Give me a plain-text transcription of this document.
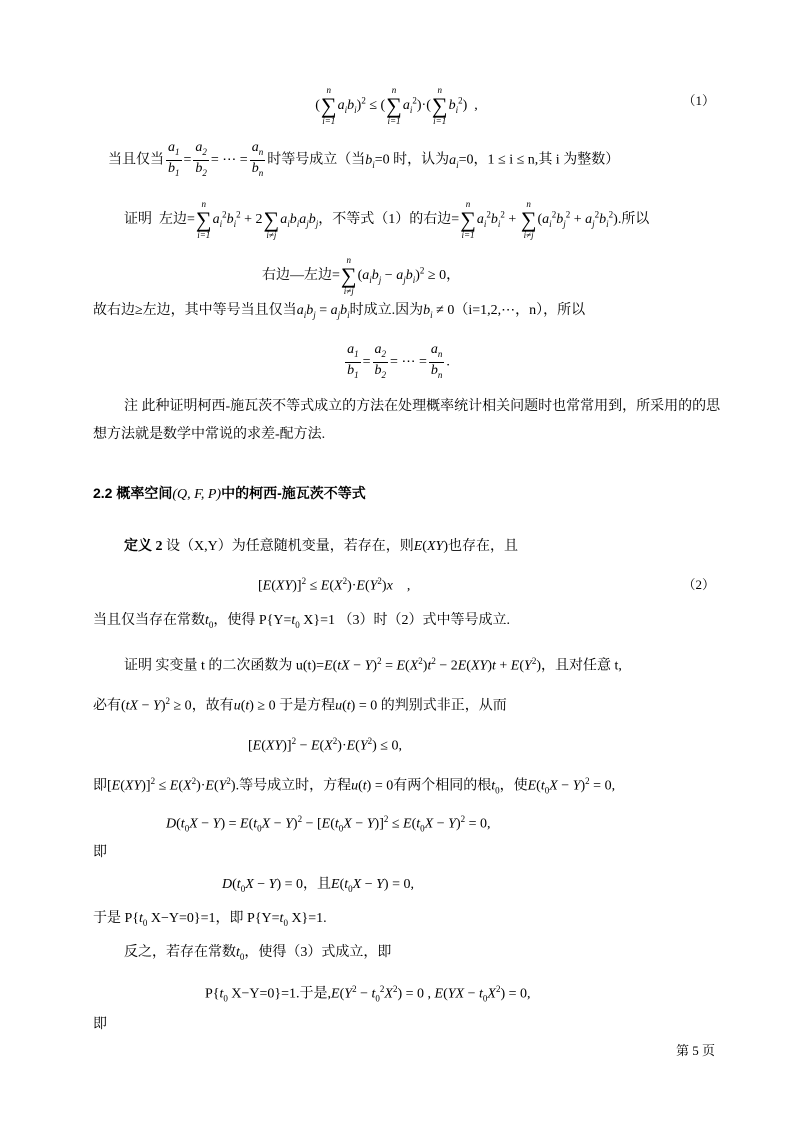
(
n
∑
i=1
$a_ib_i)^2$ ≤ (
n
∑
i=1
$a_i^2)\cdot$(
n
∑
i=1
$b_i^2$)  ,	（1）
当且仅当 $\frac{a_1}{b_1} = \frac{a_2}{b_2}$ = ⋯ = $\frac{a_n}{b_n}$ 时等号成立（当$b_i=0$ 时，认为$a_i=0$，1 ≤ i ≤ n,其 i 为整数）
证明 左边=
n
∑
i=1
$a_i^2b_i^2 + 2$
∑
i≠j
$a_ib_ia_jb_j$，不等式（1）的右边=
n
∑
i=1
$a_i^2b_i^2$ +
n
∑
i≠j
$(a_i^2b_j^2 + a_j^2b_i^2)$.所以
右边—左边=
n
∑
i≠j
$(a_ib_j - a_jb_i)^2 \ge 0$，
故右边≥左边，其中等号当且仅当$a_ib_j = a_jb_i$时成立.因为$b_i$ ≠ 0（i=1,2,⋯，n），所以
$\frac{a_1}{b_1} = \frac{a_2}{b_2}$ = ⋯ = $\frac{a_n}{b_n}$ .
注 此种证明柯西-施瓦茨不等式成立的方法在处理概率统计相关问题时也常常用到，所采用的的思
想方法就是数学中常说的求差-配方法.
2.2 概率空间(Q, F, P)中的柯西-施瓦茨不等式
定义 2 设（X,Y）为任意随机变量，若存在，则E(XY)也存在，且
$[E(XY)]^2 \le E(X^2)\cdot E(Y^2)x$    ,	（2）
当且仅当存在常数$t_0$，使得 $P\{Y=t_0$ X}=1 （3）时（2）式中等号成立.
证明 实变量 t 的二次函数为 $u(t)=E(tX - Y)^2 = E(X^2)t^2 - 2E(XY)t + E(Y^2)$，且对任意 t,
必有(tX − Y)$^2$ ≥ 0，故有u(t) ≥ 0 于是方程u(t) = 0 的判别式非正，从而
$[E(XY)]^2 - E(X^2)\cdot E(Y^2) \le 0$,
即$[E(XY)]^2 \le E(X^2)\cdot E(Y^2)$.等号成立时，方程u(t) = 0有两个相同的根$t_0$，使$E(t_0X - Y)^2 = 0$,
$D(t_0X - Y) = E(t_0X - Y)^2 - [E(t_0X - Y)]^2 \le E(t_0X - Y)^2 = 0$,
即
$D(t_0X - Y) = 0$，且$E(t_0X - Y) = 0$,
于是 $P\{t_0$ X−Y=0}=1，即 $P\{Y=t_0$ X}=1.
反之，若存在常数$t_0$，使得（3）式成立，即
$P\{t_0$ X−Y=0}=1.于是$,E(Y^2 - t_0^2X^2) = 0$ , $E(YX - t_0X^2) = 0$,
即
第 5 页
